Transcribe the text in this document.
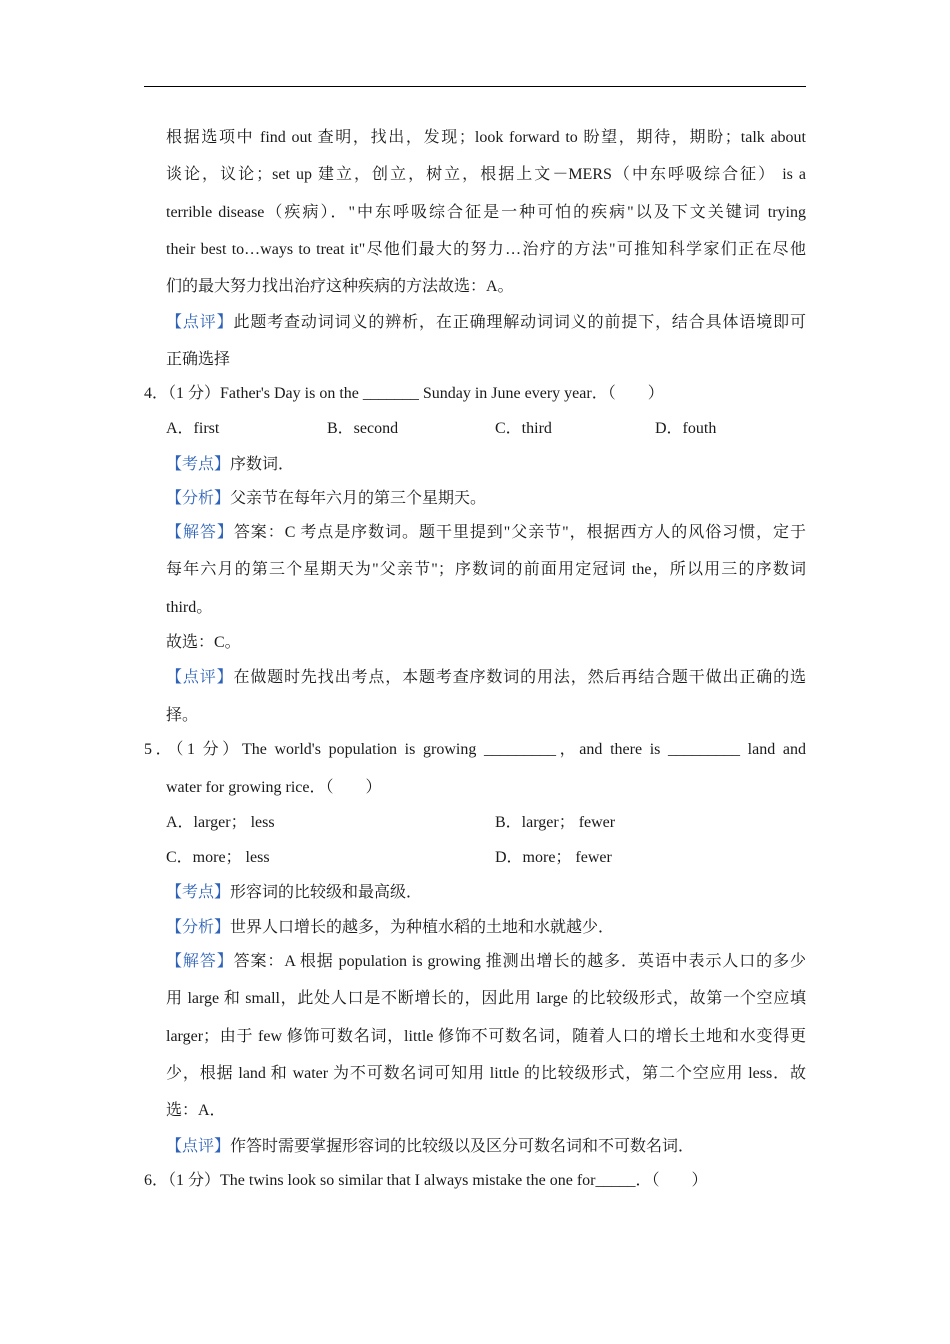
根据选项中 find out 查明，找出，发现；look forward to 盼望，期待，期盼；talk about
谈论，议论；set up 建立，创立，树立，根据上文－MERS（中东呼吸综合征） is a
terrible disease（疾病）．"中东呼吸综合征是一种可怕的疾病"以及下文关键词 trying
their best to…ways to treat it"尽他们最大的努力…治疗的方法"可推知科学家们正在尽他
们的最大努力找出治疗这种疾病的方法故选：A。
【点评】此题考查动词词义的辨析，在正确理解动词词义的前提下，结合具体语境即可
正确选择
4．（1 分）Father's Day is on the _______ Sunday in June every year．（　　）
A．first	B．second	C．third	D．fouth
【考点】序数词．
【分析】父亲节在每年六月的第三个星期天。
【解答】答案：C 考点是序数词。题干里提到"父亲节"，根据西方人的风俗习惯，定于
每年六月的第三个星期天为"父亲节"；序数词的前面用定冠词 the，所以用三的序数词
third。
故选：C。
【点评】在做题时先找出考点，本题考查序数词的用法，然后再结合题干做出正确的选
择。
5．（1 分）The world's population is growing _________，and there is _________ land and
water for growing rice．（　　）
A．larger； less	B．larger； fewer
C．more； less	D．more； fewer
【考点】形容词的比较级和最高级．
【分析】世界人口增长的越多，为种植水稻的土地和水就越少．
【解答】答案：A 根据 population is growing 推测出增长的越多．英语中表示人口的多少
用 large 和 small，此处人口是不断增长的，因此用 large 的比较级形式，故第一个空应填
larger；由于 few 修饰可数名词，little 修饰不可数名词，随着人口的增长土地和水变得更
少，根据 land 和 water 为不可数名词可知用 little 的比较级形式，第二个空应用 less．故
选：A．
【点评】作答时需要掌握形容词的比较级以及区分可数名词和不可数名词．
6．（1 分）The twins look so similar that I always mistake the one for_____．（　　）
